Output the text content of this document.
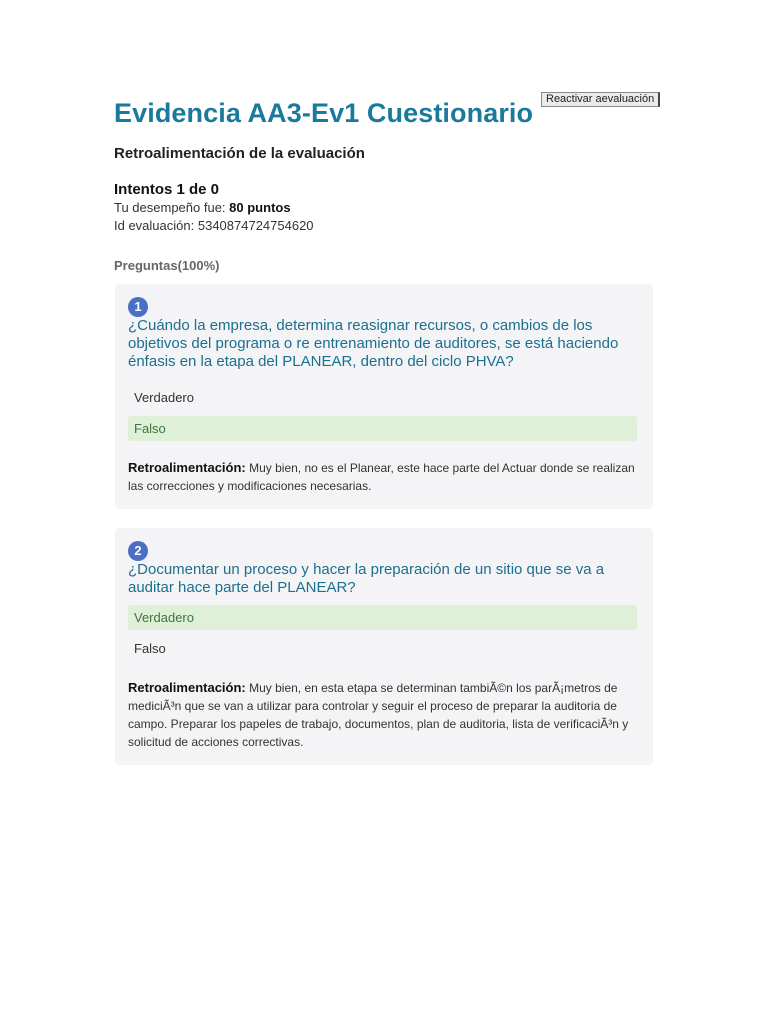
Evidencia AA3-Ev1 Cuestionario	Reactivar aevaluación
Retroalimentación de la evaluación
Intentos 1 de 0
Tu desempeño fue: 80 puntos
Id evaluación: 5340874724754620
Preguntas(100%)
1

¿Cuándo la empresa, determina reasignar recursos, o cambios de los objetivos del programa o re entrenamiento de auditores, se está haciendo énfasis en la etapa del PLANEAR, dentro del ciclo PHVA?

Verdadero
Falso
Retroalimentación: Muy bien, no es el Planear, este hace parte del Actuar donde se realizan las correcciones y modificaciones necesarias.
2

¿Documentar un proceso y hacer la preparación de un sitio que se va a auditar hace parte del PLANEAR?

Verdadero
Falso
Retroalimentación: Muy bien, en esta etapa se determinan tambiÃ©n los parÃ¡metros de mediciÃ³n que se van a utilizar para controlar y seguir el proceso de preparar la auditoria de campo. Preparar los papeles de trabajo, documentos, plan de auditoria, lista de verificaciÃ³n y solicitud de acciones correctivas.
